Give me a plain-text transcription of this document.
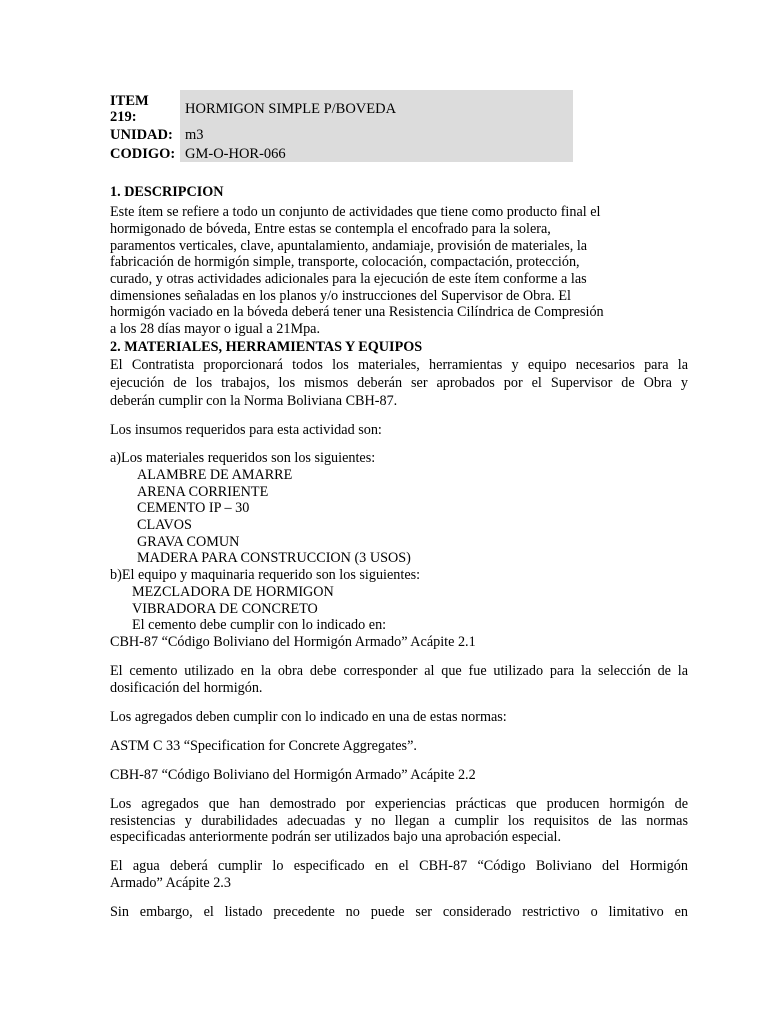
ITEM
219:	HORMIGON SIMPLE P/BOVEDA
UNIDAD: m3
CODIGO: GM-O-HOR-066
1. DESCRIPCION
Este ítem se refiere a todo un conjunto de actividades que tiene como producto final el
hormigonado de bóveda, Entre estas se contempla el encofrado para la solera,
paramentos verticales, clave, apuntalamiento, andamiaje, provisión de materiales, la
fabricación de hormigón simple, transporte, colocación, compactación, protección,
curado, y otras actividades adicionales para la ejecución de este ítem conforme a las
dimensiones señaladas en los planos y/o instrucciones del Supervisor de Obra. El
hormigón vaciado en la bóveda deberá tener una Resistencia Cilíndrica de Compresión
a los 28 días mayor o igual a 21Mpa.
2. MATERIALES, HERRAMIENTAS Y EQUIPOS
El Contratista proporcionará todos los materiales, herramientas y equipo necesarios para la
ejecución de los trabajos, los mismos deberán ser aprobados por el Supervisor de Obra y
deberán cumplir con la Norma Boliviana CBH-87.
Los insumos requeridos para esta actividad son:
a)Los materiales requeridos son los siguientes:
ALAMBRE DE AMARRE
ARENA CORRIENTE
CEMENTO IP – 30
CLAVOS
GRAVA COMUN
MADERA PARA CONSTRUCCION (3 USOS)
b)El equipo y maquinaria requerido son los siguientes:
MEZCLADORA DE HORMIGON
VIBRADORA DE CONCRETO
El cemento debe cumplir con lo indicado en:
CBH-87 “Código Boliviano del Hormigón Armado” Acápite 2.1
El cemento utilizado en la obra debe corresponder al que fue utilizado para la selección de la
dosificación del hormigón.
Los agregados deben cumplir con lo indicado en una de estas normas:
ASTM C 33 “Specification for Concrete Aggregates”.
CBH-87 “Código Boliviano del Hormigón Armado” Acápite 2.2
Los agregados que han demostrado por experiencias prácticas que producen hormigón de
resistencias y durabilidades adecuadas y no llegan a cumplir los requisitos de las normas
especificadas anteriormente podrán ser utilizados bajo una aprobación especial.
El agua deberá cumplir lo especificado en el CBH-87 “Código Boliviano del Hormigón
Armado” Acápite 2.3
Sin embargo, el listado precedente no puede ser considerado restrictivo o limitativo en
